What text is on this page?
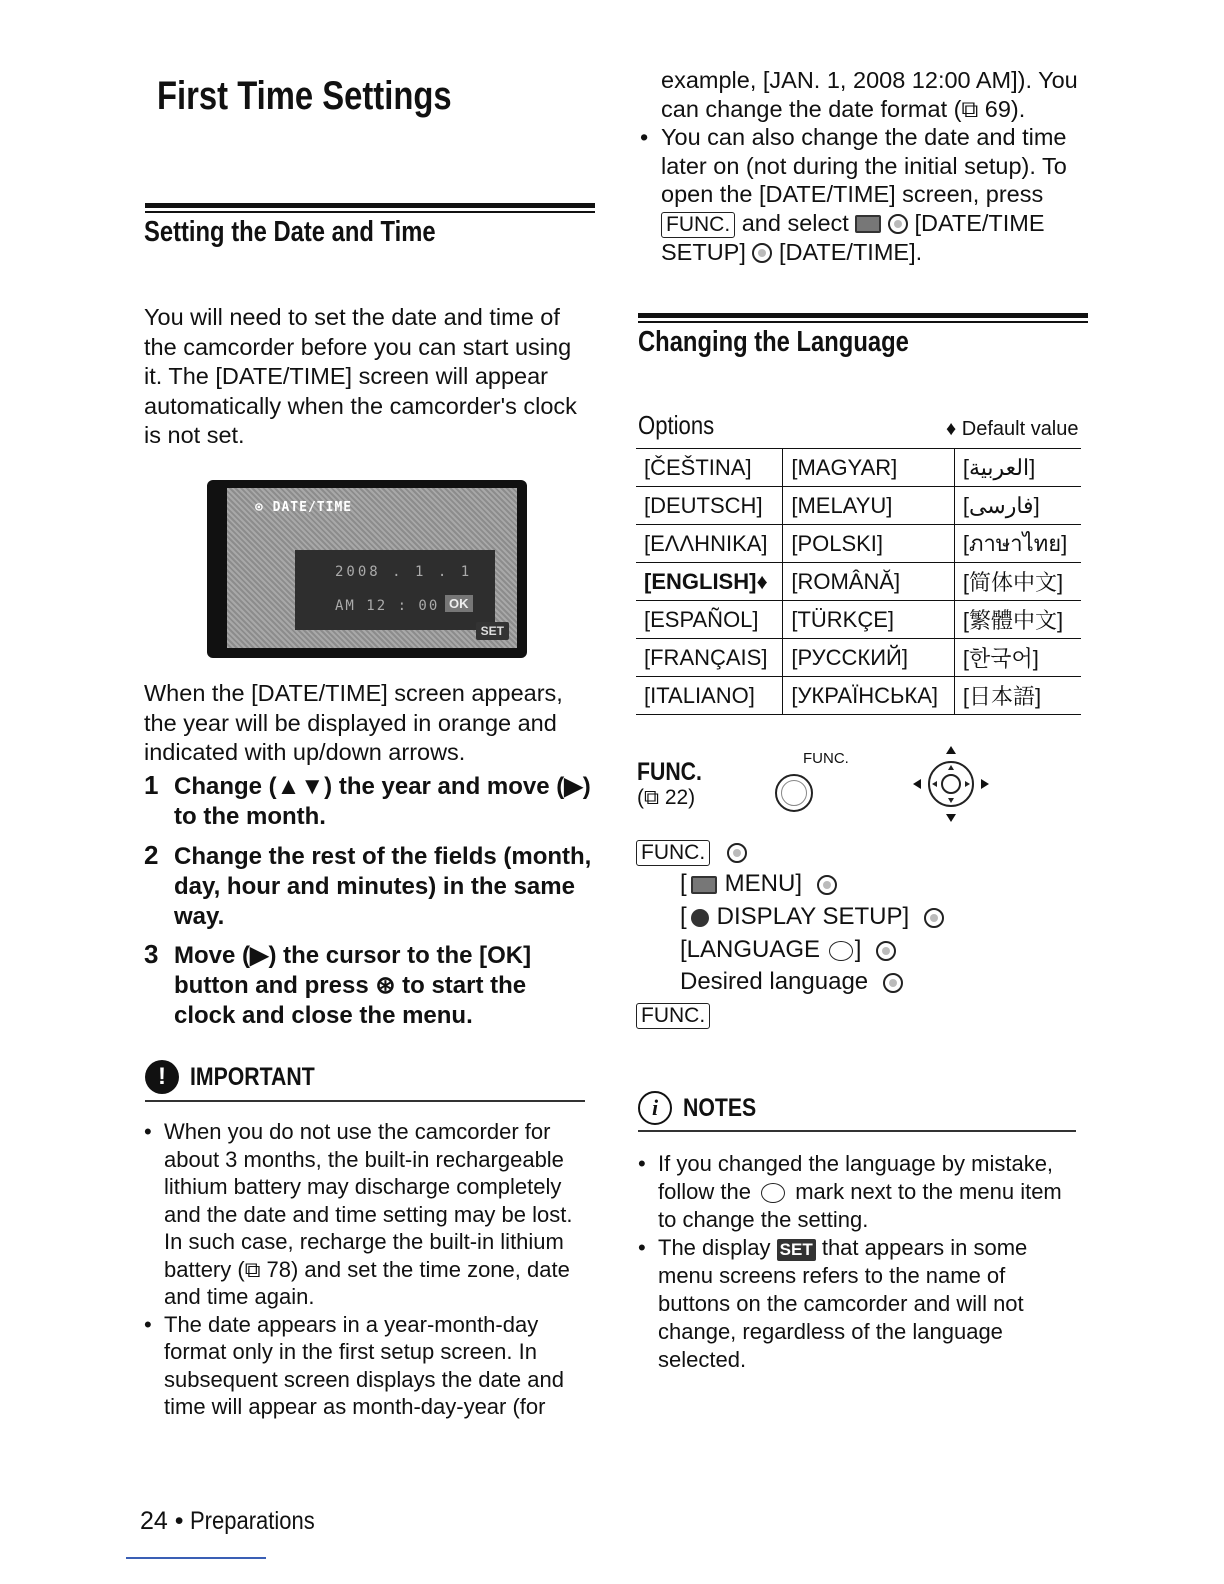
First Time Settings
Setting the Date and Time
You will need to set the date and time of the camcorder before you can start using it. The [DATE/TIME] screen will appear automatically when the camcorder's clock is not set.
⊙ DATE/TIME
2008 . 1 . 1
AM 12 : 00 OK
SET
When the [DATE/TIME] screen appears, the year will be displayed in orange and indicated with up/down arrows.
1 Change (▲▼) the year and move (▶) to the month.
2 Change the rest of the fields (month, day, hour and minutes) in the same way.
3 Move (▶) the cursor to the [OK] button and press ⊛ to start the clock and close the menu.
! IMPORTANT
• When you do not use the camcorder for about 3 months, the built-in rechargeable lithium battery may discharge completely and the date and time setting may be lost. In such case, recharge the built-in lithium battery (⧉ 78) and set the time zone, date and time again.
• The date appears in a year-month-day format only in the first setup screen. In subsequent screen displays the date and time will appear as month-day-year (for
24 • Preparations
example, [JAN. 1, 2008 12:00 AM]). You can change the date format (⧉ 69).
• You can also change the date and time later on (not during the initial setup). To open the [DATE/TIME] screen, press FUNC. and select	[DATE/TIME SETUP] [DATE/TIME].
Changing the Language
Options	♦ Default value
[ČEŠTINA]	[MAGYAR]	[العربية]
[DEUTSCH]	[MELAYU]	[فارسی]
[ΕΛΛΗΝΙΚΑ]	[POLSKI]	[ภาษาไทย]
[ENGLISH]♦	[ROMÂNĂ]	[简体中文]
[ESPAÑOL]	[TÜRKÇE]	[繁體中文]
[FRANÇAIS]	[РУССКИЙ]	[한국어]
[ITALIANO]	[УКРАЇНСЬКА]	[日本語]
FUNC.
(⧉ 22)
FUNC.
FUNC.
[ MENU]
[ DISPLAY SETUP]
[LANGUAGE ]
Desired language
FUNC.
i NOTES
• If you changed the language by mistake, follow the mark next to the menu item to change the setting.
• The display SET that appears in some menu screens refers to the name of buttons on the camcorder and will not change, regardless of the language selected.
